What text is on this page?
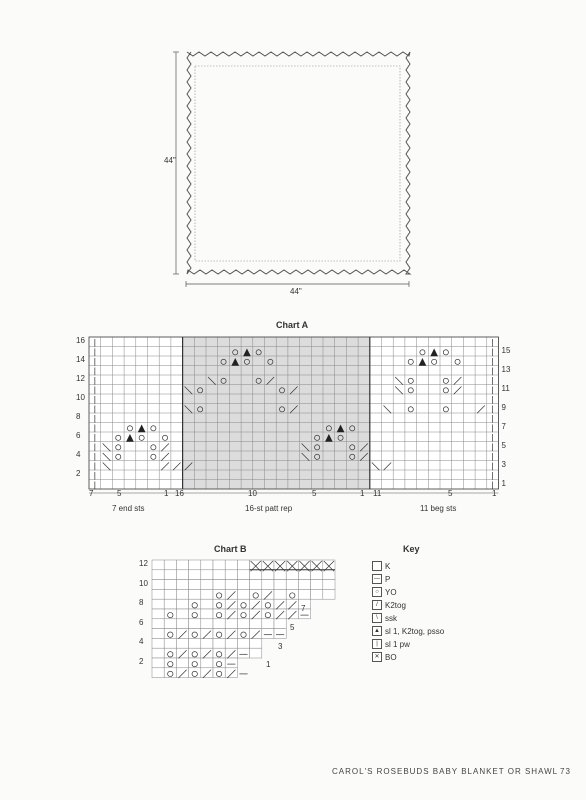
44"
44"
Chart A
16
14
12
10
8
6
4
2
15
13
11
9
7
5
3
1
7	5	1 16	10	5	1 11	5	1
7 end sts	16-st patt rep	11 beg sts
Chart B
12
10
8
6
4
2
7
5
3
1
Key
K
— P
○ YO
/ K2tog
\ ssk
▲ sl 1, K2tog, psso
| sl 1 pw
✕ BO
CAROL'S ROSEBUDS BABY BLANKET OR SHAWL 73
